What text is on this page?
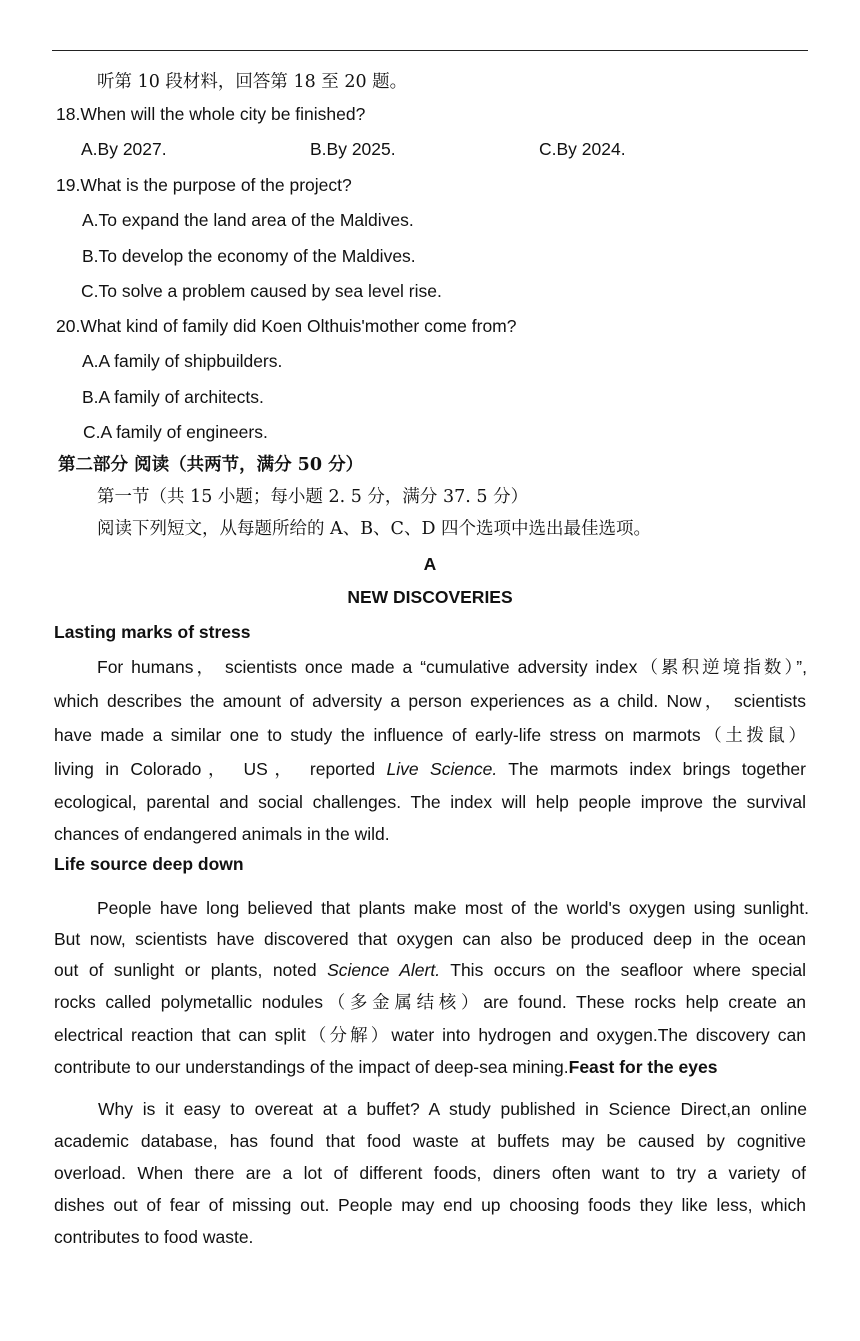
听第 10 段材料，回答第 18 至 20 题。
18.When will the whole city be finished?
A.By 2027.	B.By 2025.	C.By 2024.
19.What is the purpose of the project?
A.To expand the land area of the Maldives.
B.To develop the economy of the Maldives.
C.To solve a problem caused by sea level rise.
20.What kind of family did Koen Olthuis'mother come from?
A.A family of shipbuilders.
B.A family of architects.
C.A family of engineers.
第二部分 阅读（共两节，满分 50 分）
第一节（共 15 小题；每小题 2. 5 分，满分 37. 5 分）
阅读下列短文，从每题所给的 A、B、C、D 四个选项中选出最佳选项。
A
NEW DISCOVERIES
Lasting marks of stress
For humans， scientists once made a “cumulative adversity index（累积逆境指数）”,
which describes the amount of adversity a person experiences as a child. Now， scientists
have made a similar one to study the influence of early-life stress on marmots（土拨鼠）
living in Colorado， US， reported Live Science. The marmots index brings together
ecological, parental and social challenges. The index will help people improve the survival
chances of endangered animals in the wild.
Life source deep down
People have long believed that plants make most of the world's oxygen using sunlight.
But now, scientists have discovered that oxygen can also be produced deep in the ocean
out of sunlight or plants, noted Science Alert. This occurs on the seafloor where special
rocks called polymetallic nodules（多金属结核）are found. These rocks help create an
electrical reaction that can split（分解）water into hydrogen and oxygen.The discovery can
contribute to our understandings of the impact of deep-sea mining.Feast for the eyes
Why is it easy to overeat at a buffet? A study published in Science Direct,an online
academic database, has found that food waste at buffets may be caused by cognitive
overload. When there are a lot of different foods, diners often want to try a variety of
dishes out of fear of missing out. People may end up choosing foods they like less, which
contributes to food waste.
